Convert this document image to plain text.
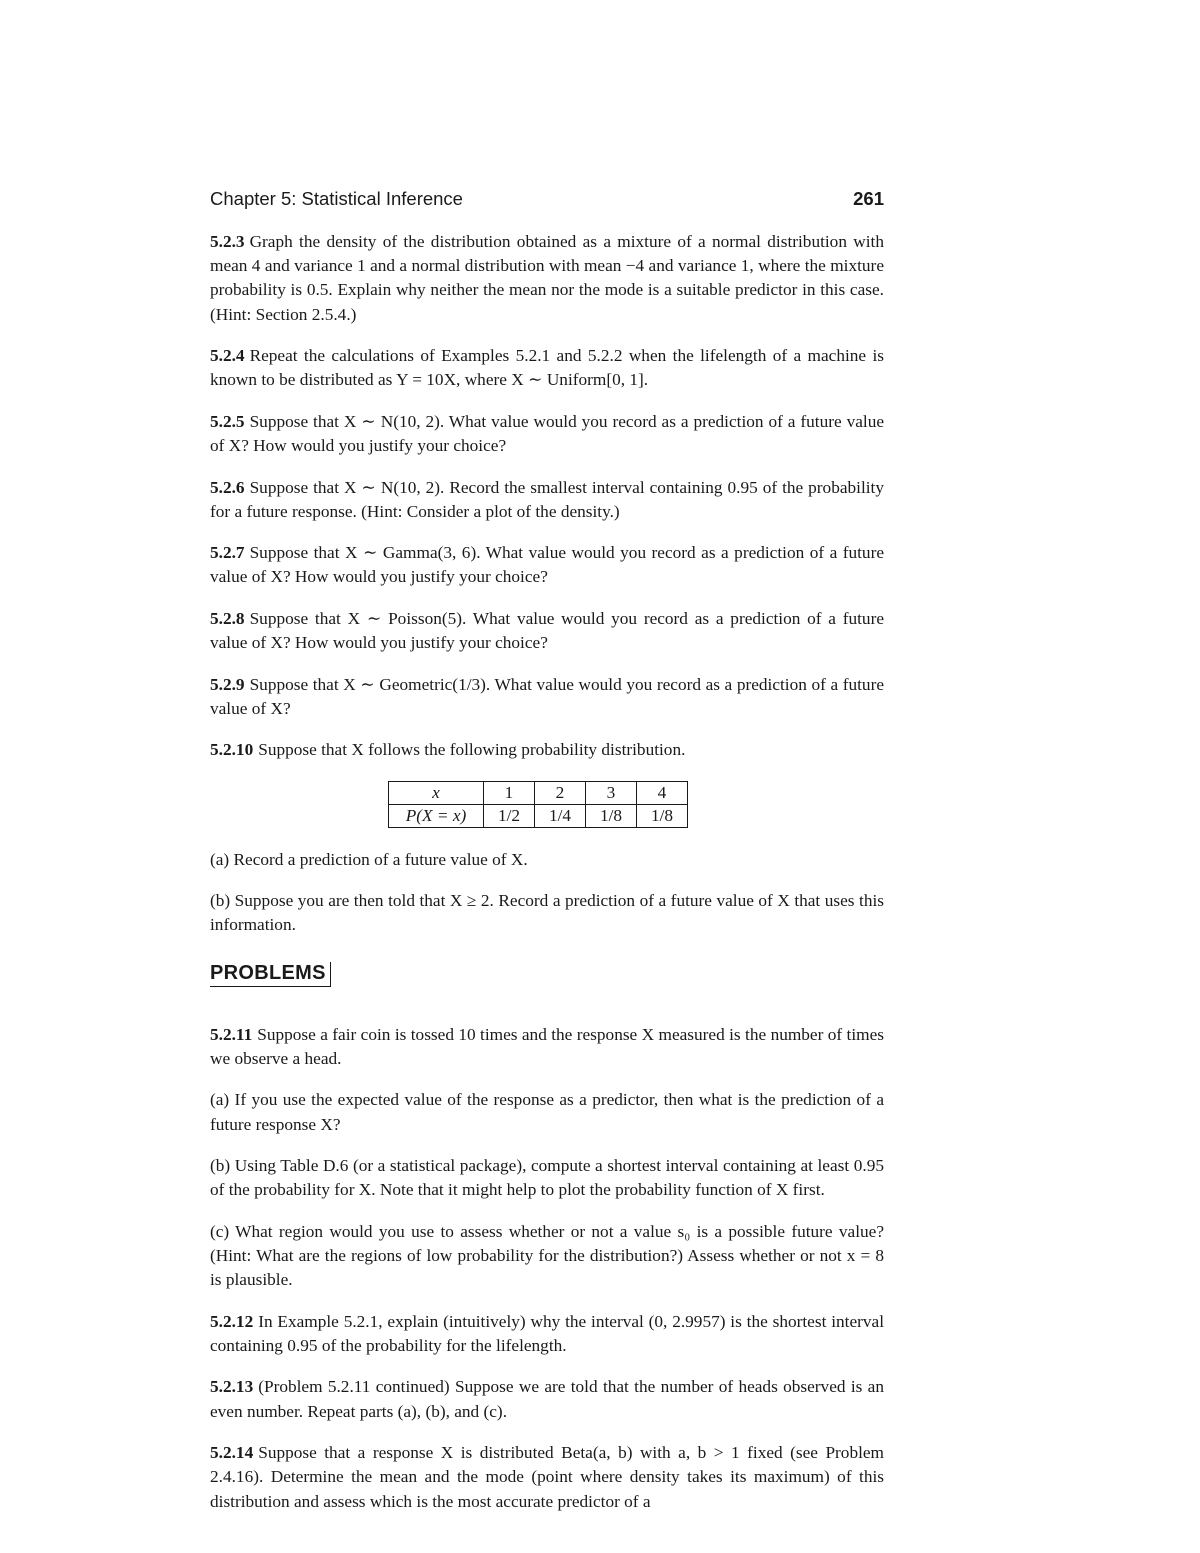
Chapter 5: Statistical Inference	261

5.2.3 Graph the density of the distribution obtained as a mixture of a normal distribution with mean 4 and variance 1 and a normal distribution with mean −4 and variance 1, where the mixture probability is 0.5. Explain why neither the mean nor the mode is a suitable predictor in this case. (Hint: Section 2.5.4.)

5.2.4 Repeat the calculations of Examples 5.2.1 and 5.2.2 when the lifelength of a machine is known to be distributed as Y = 10X, where X ∼ Uniform[0, 1].

5.2.5 Suppose that X ∼ N(10, 2). What value would you record as a prediction of a future value of X? How would you justify your choice?

5.2.6 Suppose that X ∼ N(10, 2). Record the smallest interval containing 0.95 of the probability for a future response. (Hint: Consider a plot of the density.)

5.2.7 Suppose that X ∼ Gamma(3, 6). What value would you record as a prediction of a future value of X? How would you justify your choice?

5.2.8 Suppose that X ∼ Poisson(5). What value would you record as a prediction of a future value of X? How would you justify your choice?

5.2.9 Suppose that X ∼ Geometric(1/3). What value would you record as a prediction of a future value of X?

5.2.10 Suppose that X follows the following probability distribution.

x	1	2	3	4
P(X = x)	1/2	1/4	1/8	1/8

(a) Record a prediction of a future value of X.

(b) Suppose you are then told that X ≥ 2. Record a prediction of a future value of X that uses this information.

PROBLEMS

5.2.11 Suppose a fair coin is tossed 10 times and the response X measured is the number of times we observe a head.

(a) If you use the expected value of the response as a predictor, then what is the prediction of a future response X?

(b) Using Table D.6 (or a statistical package), compute a shortest interval containing at least 0.95 of the probability for X. Note that it might help to plot the probability function of X first.

(c) What region would you use to assess whether or not a value s₀ is a possible future value? (Hint: What are the regions of low probability for the distribution?) Assess whether or not x = 8 is plausible.

5.2.12 In Example 5.2.1, explain (intuitively) why the interval (0, 2.9957) is the shortest interval containing 0.95 of the probability for the lifelength.

5.2.13 (Problem 5.2.11 continued) Suppose we are told that the number of heads observed is an even number. Repeat parts (a), (b), and (c).

5.2.14 Suppose that a response X is distributed Beta(a, b) with a, b > 1 fixed (see Problem 2.4.16). Determine the mean and the mode (point where density takes its maximum) of this distribution and assess which is the most accurate predictor of a
